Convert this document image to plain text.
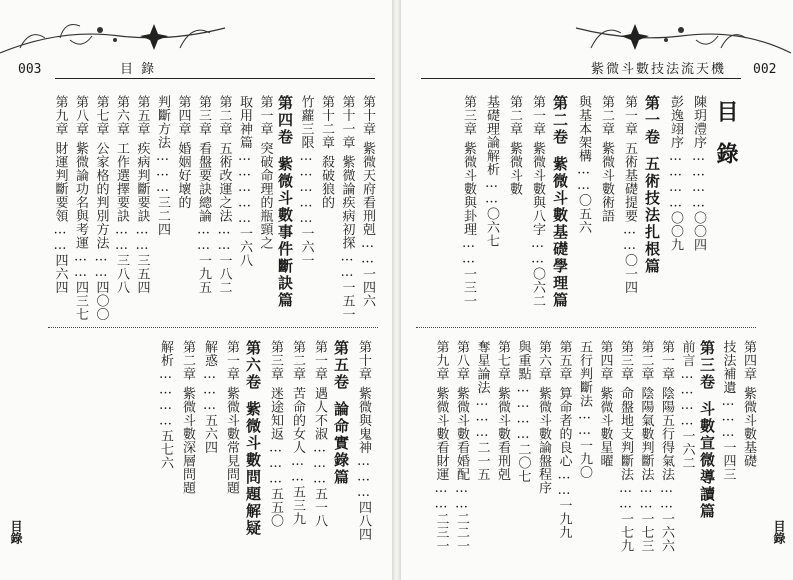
003	目 錄
第十章紫微天府看刑剋……一四六
第十一章紫微論疾病初探……一五一
第十二章殺破狼的
竹蘿三限……………一六一
第四卷紫微斗數事件斷訣篇
第一章突破命理的瓶頸之
取用神篇……………一六八
第二章五術改運之法……一八二
第三章看盤要訣總論……一九五
第四章婚姻好壞的
判斷方法………三二四
第五章疾病判斷要訣……三五四
第六章工作選擇要訣……三八八
第七章公家格的判別方法……四〇〇
第八章紫微論功名與考運……四三七
第九章財運判斷要領……四六四
第十章紫微與鬼神………四八四
第五卷論命實錄篇
第一章遇人不淑………五一八
第二章苦命的女人……五三九
第三章迷途知返………五五〇
第六卷紫微斗數問題解疑
第一章紫微斗數常見問題
解惑………五六四
第二章紫微斗數深層問題
解析…………五七六
目錄
紫微斗數技法流天機 002
目錄
陳玥澧序…………〇〇四
彭逸翊序…………〇〇九
第一卷五術技法扎根篇
第一章五術基礎提要……〇一四
第二章紫微斗數術語
與基本架構……〇五六
第二卷紫微斗數基礎學理篇
第一章紫微斗數與八字……〇六二
第二章紫微斗數
基礎理論解析……〇六七
第三章紫微斗數與卦理……一三一
第四章紫微斗數基礎
技法補遺………一四三
第三卷斗數宣微導讀篇
前言…………一六二
第一章陰陽五行得氣法……一六六
第二章陰陽氣數判斷法……一七三
第三章命盤地支判斷法……一七九
第四章紫微斗數星曜
五行判斷法……一九〇
第五章算命者的良心……一九九
第六章紫微斗數論盤程序
與重點…………二〇七
第七章紫微斗數看刑剋
奪星論法………二一五
第八章紫微斗數看婚配……二二一
第九章紫微斗數看財運……二三一	目錄
